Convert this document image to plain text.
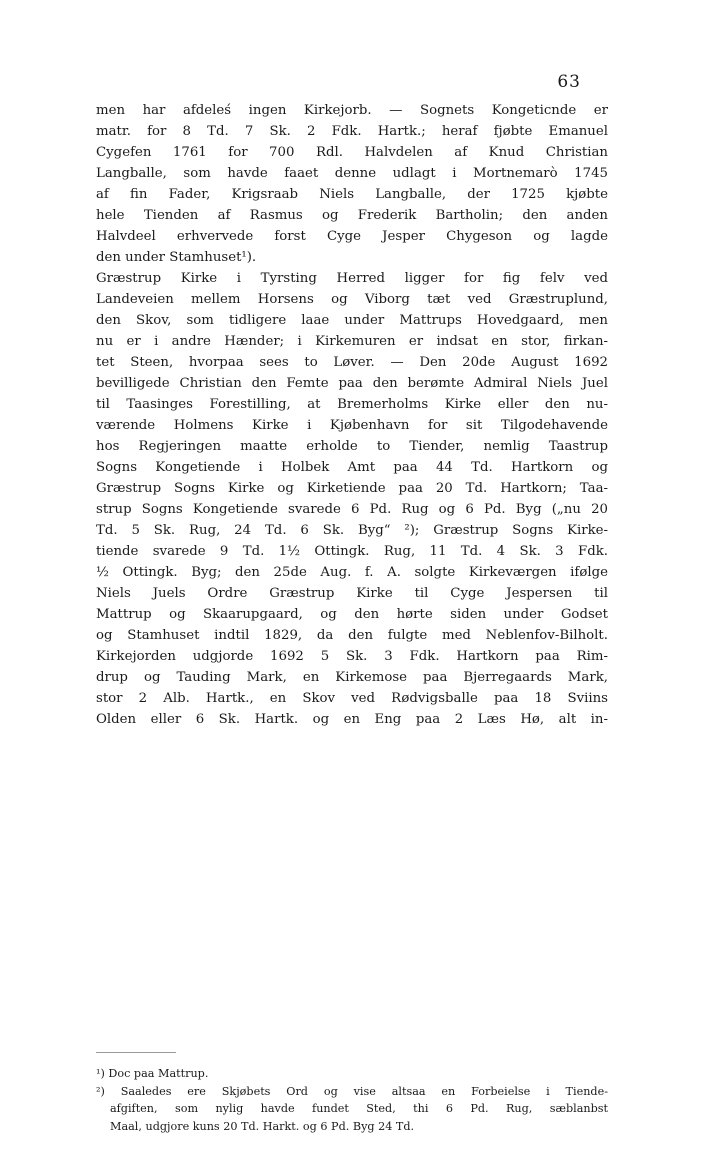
63
men har afdeleś ingen Kirkejorb. — Sognets Kongeticnde er
matr. for 8 Td. 7 Sk. 2 Fdk. Hartk.; heraf fjøbte Emanuel
Cygefen 1761 for 700 Rdl. Halvdelen af Knud Christian
Langballe, som havde faaet denne udlagt i Mortnemarò 1745
af fin Fader, Krigsraab Niels Langballe, der 1725 kjøbte
hele Tienden af Rasmus og Frederik Bartholin; den anden
Halvdeel erhvervede forst Cyge Jesper Chygeson og lagde
den under Stamhuset¹).
Græstrup Kirke i Tyrsting Herred ligger for fig felv ved
Landeveien mellem Horsens og Viborg tæt ved Græstruplund,
den Skov, som tidligere laae under Mattrups Hovedgaard, men
nu er i andre Hænder; i Kirkemuren er indsat en stor, firkan-
tet Steen, hvorpaa sees to Løver. — Den 20de August 1692
bevilligede Christian den Femte paa den berømte Admiral Niels Juel
til Taasinges Forestilling, at Bremerholms Kirke eller den nu-
værende Holmens Kirke i Kjøbenhavn for sit Tilgodehavende
hos Regjeringen maatte erholde to Tiender, nemlig Taastrup
Sogns Kongetiende i Holbek Amt paa 44 Td. Hartkorn og
Græstrup Sogns Kirke og Kirketiende paa 20 Td. Hartkorn; Taa-
strup Sogns Kongetiende svarede 6 Pd. Rug og 6 Pd. Byg („nu 20
Td. 5 Sk. Rug, 24 Td. 6 Sk. Byg“ ²); Græstrup Sogns Kirke-
tiende svarede 9 Td. 1½ Ottingk. Rug, 11 Td. 4 Sk. 3 Fdk.
½ Ottingk. Byg; den 25de Aug. f. A. solgte Kirkeværgen ifølge
Niels Juels Ordre Græstrup Kirke til Cyge Jespersen til
Mattrup og Skaarupgaard, og den hørte siden under Godset
og Stamhuset indtil 1829, da den fulgte med Neblenfov-Bilholt.
Kirkejorden udgjorde 1692 5 Sk. 3 Fdk. Hartkorn paa Rim-
drup og Tauding Mark, en Kirkemose paa Bjerregaards Mark,
stor 2 Alb. Hartk., en Skov ved Rødvigsballe paa 18 Sviins
Olden eller 6 Sk. Hartk. og en Eng paa 2 Læs Hø, alt in-
¹) Doc paa Mattrup.
²) Saaledes ere Skjøbets Ord og vise altsaa en Forbeielse i Tiende-
afgiften, som nylig havde fundet Sted, thi 6 Pd. Rug, sæblanbst
Maal, udgjore kuns 20 Td. Harkt. og 6 Pd. Byg 24 Td.
